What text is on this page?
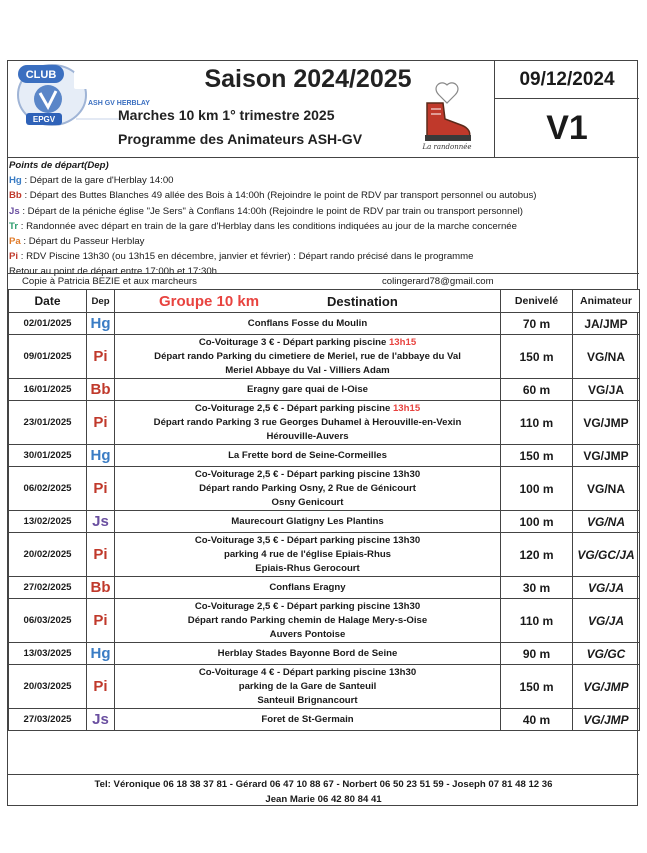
CLUB
ASH GV HERBLAY
EPGV
Saison 2024/2025
Marches 10 km 1° trimestre 2025
Programme des Animateurs ASH-GV	La randonnée
09/12/2024
V1
Points de départ(Dep)
Hg : Départ de la gare d'Herblay 14:00
Bb : Départ des Buttes Blanches 49 allée des Bois à 14:00h (Rejoindre le point de RDV par transport personnel ou autobus)
Js : Départ de la péniche église "Je Sers" à Conflans 14:00h (Rejoindre le point de RDV par train ou transport personnel)
Tr : Randonnée avec départ en train de la gare d'Herblay dans les conditions indiquées au jour de la marche concernée
Pa : Départ du Passeur Herblay
Pi : RDV Piscine 13h30 (ou 13h15 en décembre, janvier et février) : Départ rando précisé dans le programme
Retour au point de départ entre 17:00h et 17:30h
Copie à Patricia BEZIE et aux marcheurs	colingerard78@gmail.com
Date	Dep	Groupe 10 km Destination	Denivelé	Animateur
02/01/2025	Hg	Conflans Fosse du Moulin	70 m	JA/JMP
09/01/2025	Pi	Co-Voiturage 3 € - Départ parking piscine 13h15
Départ rando Parking du cimetiere de Meriel, rue de l'abbaye du Val
Meriel Abbaye du Val - Villiers Adam	150 m	VG/NA
16/01/2025	Bb	Eragny gare quai de l-Oise	60 m	VG/JA
23/01/2025	Pi	Co-Voiturage 2,5 € - Départ parking piscine 13h15
Départ rando Parking 3 rue Georges Duhamel à Herouville-en-Vexin
Hérouville-Auvers	110 m	VG/JMP
30/01/2025	Hg	La Frette bord de Seine-Cormeilles	150 m	VG/JMP
06/02/2025	Pi	Co-Voiturage 2,5 € - Départ parking piscine 13h30
Départ rando Parking Osny, 2 Rue de Génicourt
Osny Genicourt	100 m	VG/NA
13/02/2025	Js	Maurecourt Glatigny Les Plantins	100 m	VG/NA
20/02/2025	Pi	Co-Voiturage 3,5 € - Départ parking piscine 13h30
parking 4 rue de l'église Epiais-Rhus
Epiais-Rhus Gerocourt	120 m	VG/GC/JA
27/02/2025	Bb	Conflans Eragny	30 m	VG/JA
06/03/2025	Pi	Co-Voiturage 2,5 € - Départ parking piscine 13h30
Départ rando Parking chemin de Halage Mery-s-Oise
Auvers Pontoise	110 m	VG/JA
13/03/2025	Hg	Herblay Stades Bayonne Bord de Seine	90 m	VG/GC
20/03/2025	Pi	Co-Voiturage 4 € - Départ parking piscine 13h30
parking de la Gare de Santeuil
Santeuil Brignancourt	150 m	VG/JMP
27/03/2025	Js	Foret de St-Germain	40 m	VG/JMP
Tel: Véronique 06 18 38 37 81 - Gérard 06 47 10 88 67 - Norbert 06 50 23 51 59 - Joseph 07 81 48 12 36
Jean Marie 06 42 80 84 41
